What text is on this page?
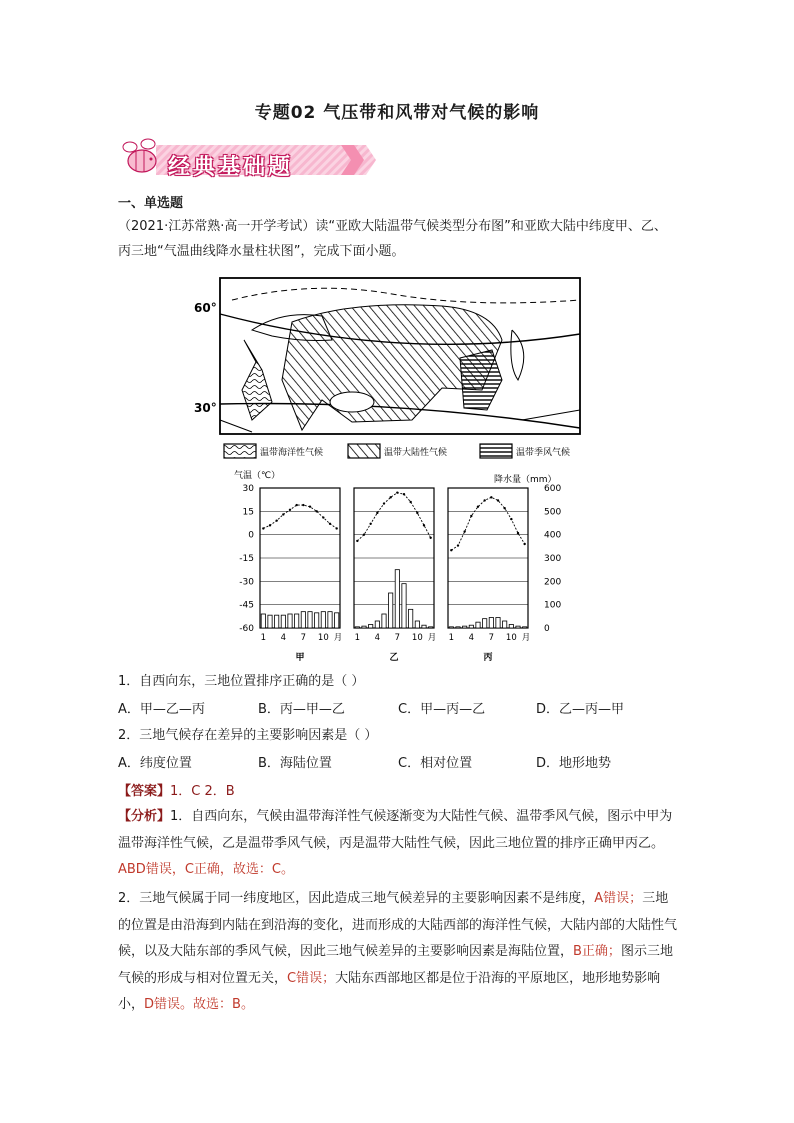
专题02 气压带和风带对气候的影响
经典基础题
一、单选题
（2021·江苏常熟·高一开学考试）读“亚欧大陆温带气候类型分布图”和亚欧大陆中纬度甲、乙、丙三地“气温曲线降水量柱状图”，完成下面小题。
60°
30°
温带海洋性气候	温带大陆性气候	温带季风气候
气温（℃）	降水量（mm）
30
15
0
-15
-30
-45
-60
600
500
400
300
200
100
0
1 4 7 10 月
甲
1 4 7 10 月
乙
1 4 7 10 月
丙
1．自西向东，三地位置排序正确的是（ ）
A．甲—乙—丙	B．丙—甲—乙	C．甲—丙—乙	D．乙—丙—甲
2．三地气候存在差异的主要影响因素是（ ）
A．纬度位置	B．海陆位置	C．相对位置	D．地形地势
【答案】1．C 2．B
【分析】1．自西向东，气候由温带海洋性气候逐渐变为大陆性气候、温带季风气候，图示中甲为温带海洋性气候，乙是温带季风气候，丙是温带大陆性气候，因此三地位置的排序正确甲丙乙。ABD错误，C正确，故选：C。
2．三地气候属于同一纬度地区，因此造成三地气候差异的主要影响因素不是纬度，A错误；三地的位置是由沿海到内陆在到沿海的变化，进而形成的大陆西部的海洋性气候，大陆内部的大陆性气候，以及大陆东部的季风气候，因此三地气候差异的主要影响因素是海陆位置，B正确；图示三地气候的形成与相对位置无关，C错误；大陆东西部地区都是位于沿海的平原地区，地形地势影响小，D错误。故选：B。
